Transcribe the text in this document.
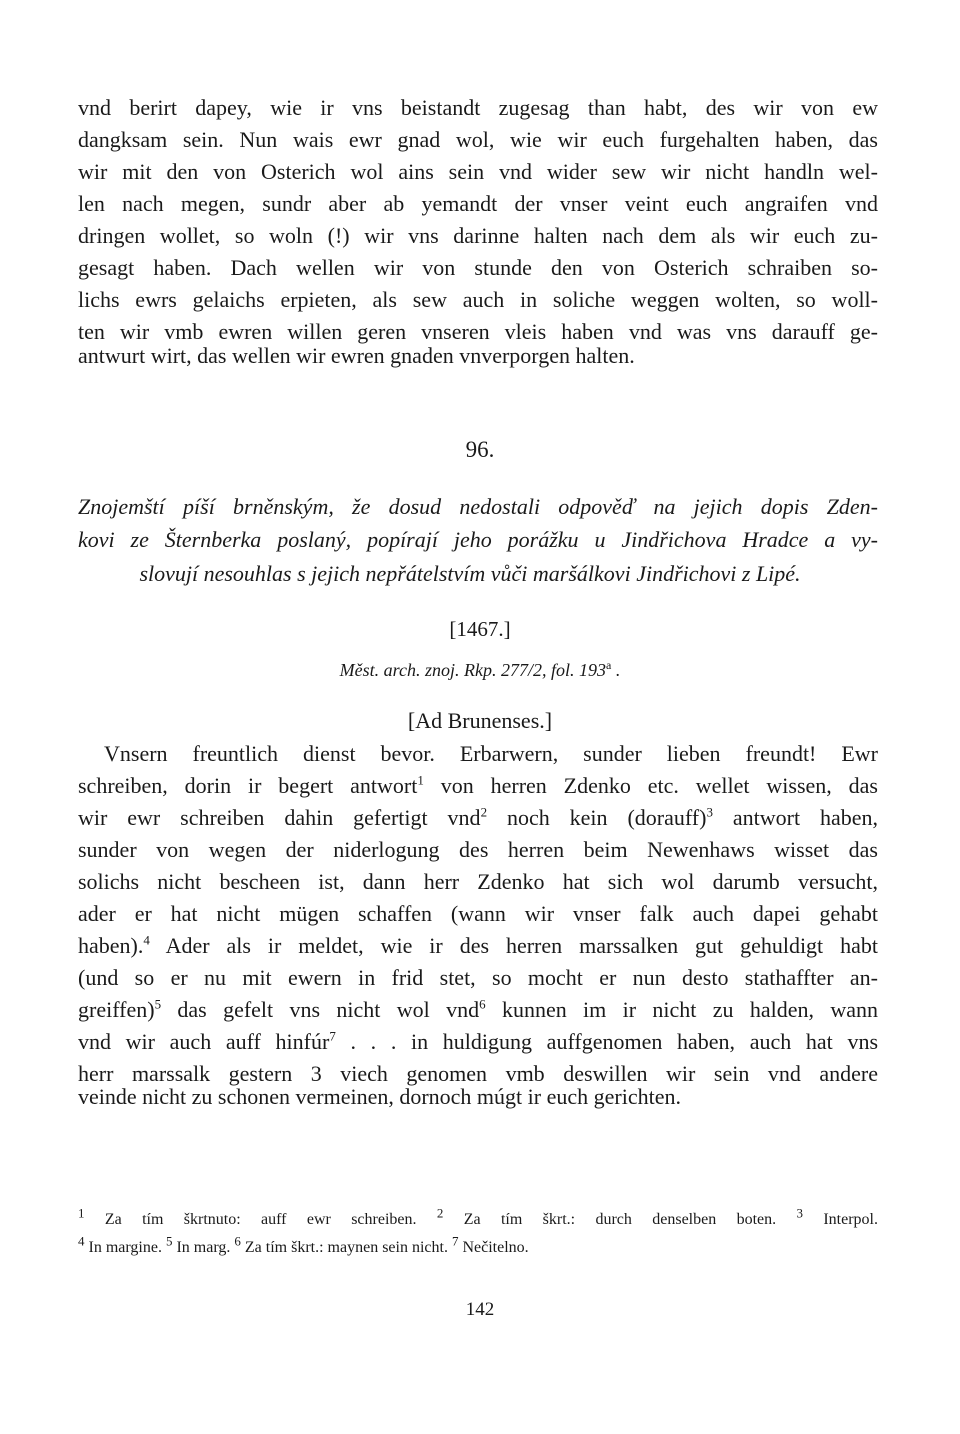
vnd berirt dapey, wie ir vns beistandt zugesag than habt, des wir von ew
dangksam sein. Nun wais ewr gnad wol, wie wir euch furgehalten haben, das
wir mit den von Osterich wol ains sein vnd wider sew wir nicht handln wel-
len nach megen, sundr aber ab yemandt der vnser veint euch angraifen vnd
dringen wollet, so woln (!) wir vns darinne halten nach dem als wir euch zu-
gesagt haben. Dach wellen wir von stunde den von Osterich schraiben so-
lichs ewrs gelaichs erpieten, als sew auch in soliche weggen wolten, so woll-
ten wir vmb ewren willen geren vnseren vleis haben vnd was vns darauff ge-
antwurt wirt, das wellen wir ewren gnaden vnverporgen halten.
96.
Znojemští píší brněnským, že dosud nedostali odpověď na jejich dopis Zden-
kovi ze Šternberka poslaný, popírají jeho porážku u Jindřichova Hradce a vy-
slovují nesouhlas s jejich nepřátelstvím vůči maršálkovi Jindřichovi z Lipé.
[1467.]
Měst. arch. znoj. Rkp. 277/2, fol. 193$^a$ .
[Ad Brunenses.]
Vnsern freuntlich dienst bevor. Erbarwern, sunder lieben freundt! Ewr
schreiben, dorin ir begert antwort$^1$ von herren Zdenko etc. wellet wissen, das
wir ewr schreiben dahin gefertigt vnd$^2$ noch kein (dorauff)$^3$ antwort haben,
sunder von wegen der niderlogung des herren beim Newenhaws wisset das
solichs nicht bescheen ist, dann herr Zdenko hat sich wol darumb versucht,
ader er hat nicht mügen schaffen (wann wir vnser falk auch dapei gehabt
haben).$^4$ Ader als ir meldet, wie ir des herren marssalken gut gehuldigt habt
(und so er nu mit ewern in frid stet, so mocht er nun desto stathaffter an-
greiffen)$^5$ das gefelt vns nicht wol vnd$^6$ kunnen im ir nicht zu halden, wann
vnd wir auch auff hinfúr$^7$ . . . in huldigung auffgenomen haben, auch hat vns
herr marssalk gestern 3 viech genomen vmb deswillen wir sein vnd andere
veinde nicht zu schonen vermeinen, dornoch múgt ir euch gerichten.
$^1$ Za tím škrtnuto: auff ewr schreiben. $^2$ Za tím škrt.: durch denselben boten. $^3$ Interpol.
$^4$ In margine. $^5$ In marg. $^6$ Za tím škrt.: maynen sein nicht. $^7$ Nečitelno.
142
